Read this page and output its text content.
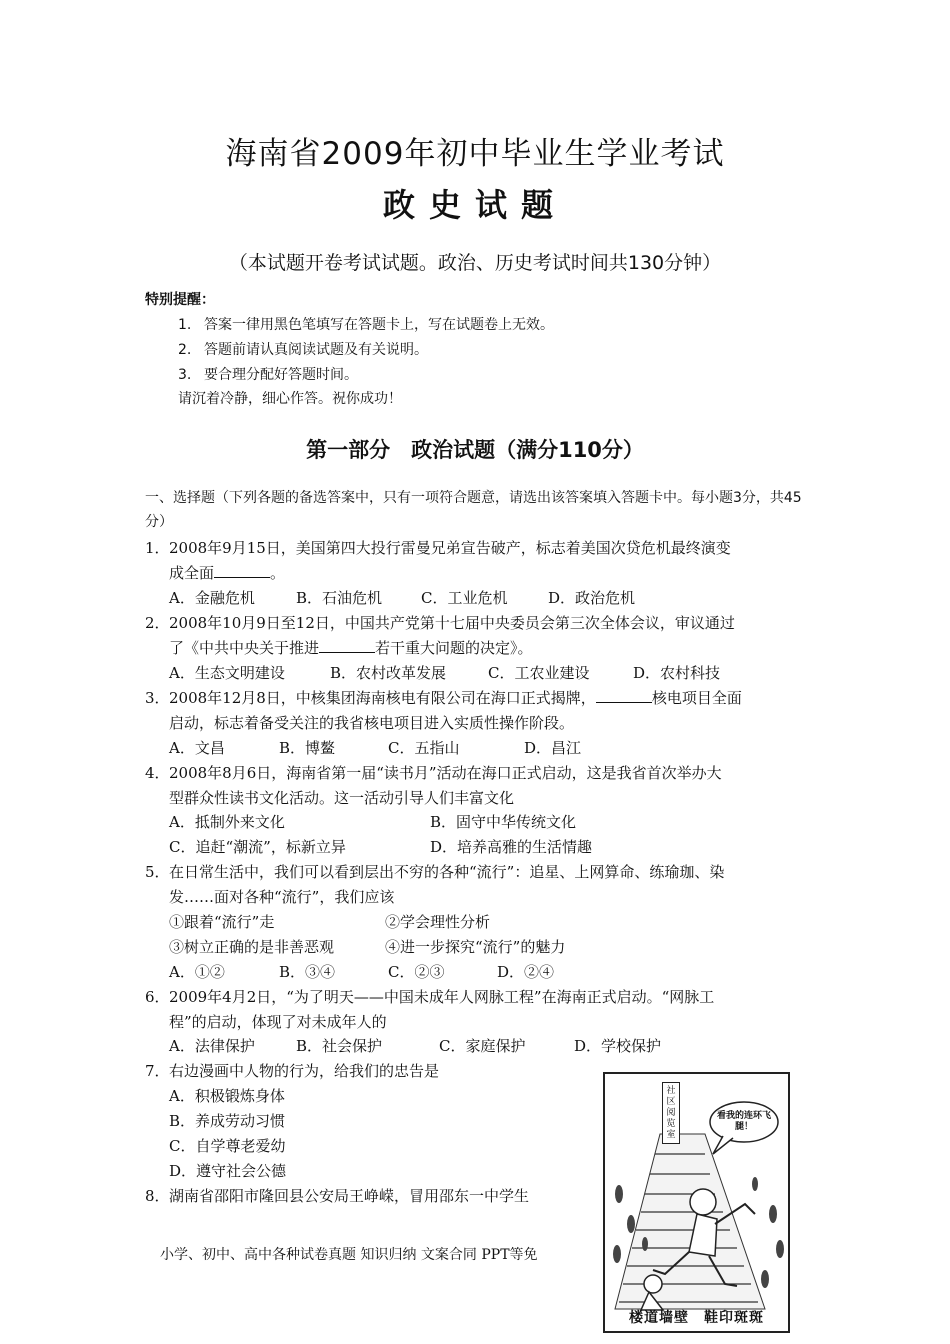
海南省2009年初中毕业生学业考试
政史试题
（本试题开卷考试试题。政治、历史考试时间共130分钟）
特别提醒：
1. 答案一律用黑色笔填写在答题卡上，写在试题卷上无效。
2. 答题前请认真阅读试题及有关说明。
3. 要合理分配好答题时间。
请沉着冷静，细心作答。祝你成功！
第一部分　政治试题（满分110分）
一、选择题（下列各题的备选答案中，只有一项符合题意，请选出该答案填入答题卡中。每小题3分，共45分）
1．2008年9月15日，美国第四大投行雷曼兄弟宣告破产，标志着美国次贷危机最终演变
成全面	。
A．金融危机	B．石油危机	C．工业危机	D．政治危机
2．2008年10月9日至12日，中国共产党第十七届中央委员会第三次全体会议，审议通过
了《中共中央关于推进	若干重大问题的决定》。
A．生态文明建设	B．农村改革发展	C．工农业建设	D．农村科技
3．2008年12月8日，中核集团海南核电有限公司在海口正式揭牌，	核电项目全面
启动，标志着备受关注的我省核电项目进入实质性操作阶段。
A．文昌	B．博鳌	C．五指山	D．昌江
4．2008年8月6日，海南省第一届“读书月”活动在海口正式启动，这是我省首次举办大
型群众性读书文化活动。这一活动引导人们丰富文化
A．抵制外来文化	B．固守中华传统文化
C．追赶“潮流”，标新立异	D．培养高雅的生活情趣
5．在日常生活中，我们可以看到层出不穷的各种“流行”：追星、上网算命、练瑜珈、染
发……面对各种“流行”，我们应该
①跟着“流行”走	②学会理性分析
③树立正确的是非善恶观	④进一步探究“流行”的魅力
A．①②	B．③④	C．②③	D．②④
6．2009年4月2日，“为了明天——中国未成年人网脉工程”在海南正式启动。“网脉工
程”的启动，体现了对未成年人的
A．法律保护	B．社会保护	C．家庭保护	D．学校保护
7．右边漫画中人物的行为，给我们的忠告是
A．积极锻炼身体
B．养成劳动习惯
C．自学尊老爱幼
D．遵守社会公德
8．湖南省邵阳市隆回县公安局王峥嵘，冒用邵东一中学生
小学、初中、高中各种试卷真题 知识归纳 文案合同 PPT等免
社区阅览室
看我的连环飞腿！
楼道墙壁　鞋印斑斑
